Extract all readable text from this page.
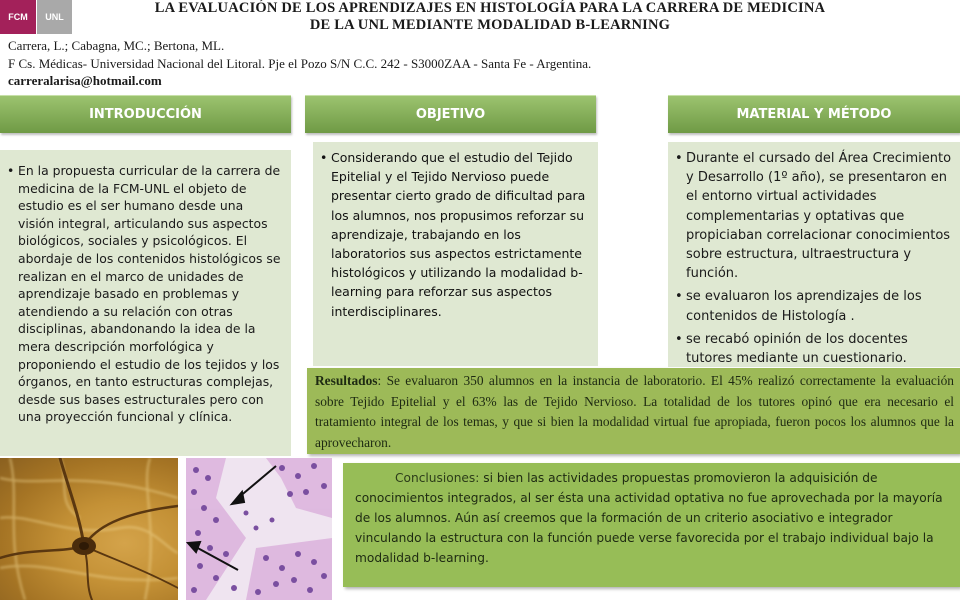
FCM UNL
LA EVALUACIÓN DE LOS APRENDIZAJES EN HISTOLOGÍA PARA LA CARRERA DE MEDICINA
DE LA UNL MEDIANTE MODALIDAD B-LEARNING
Carrera, L.; Cabagna, MC.; Bertona, ML.
F Cs. Médicas- Universidad Nacional del Litoral. Pje el Pozo S/N C.C. 242 - S3000ZAA - Santa Fe - Argentina.
carreralarisa@hotmail.com
INTRODUCCIÓN	OBJETIVO	MATERIAL Y MÉTODO
• En la propuesta curricular de la carrera de medicina de la FCM-UNL el objeto de estudio es el ser humano desde una visión integral, articulando sus aspectos biológicos, sociales y psicológicos. El abordaje de los contenidos histológicos se realizan en el marco de unidades de aprendizaje basado en problemas y atendiendo a su relación con otras disciplinas, abandonando la idea de la mera descripción morfológica y proponiendo el estudio de los tejidos y los órganos, en tanto estructuras complejas, desde sus bases estructurales pero con una proyección funcional y clínica.
• Considerando que el estudio del Tejido Epitelial y el Tejido Nervioso puede presentar cierto grado de dificultad para los alumnos, nos propusimos reforzar su aprendizaje, trabajando en los laboratorios sus aspectos estrictamente histológicos y utilizando la modalidad b-learning para reforzar sus aspectos interdisciplinares.
• Durante el cursado del Área Crecimiento y Desarrollo (1º año), se presentaron en el entorno virtual actividades complementarias y optativas que propiciaban correlacionar conocimientos sobre estructura, ultraestructura y función.
• se evaluaron los aprendizajes de los contenidos de Histología .
• se recabó opinión de los docentes tutores mediante un cuestionario.
Resultados: Se evaluaron 350 alumnos en la instancia de laboratorio. El 45% realizó correctamente la evaluación sobre Tejido Epitelial y el 63% las de Tejido Nervioso. La totalidad de los tutores opinó que era necesario el tratamiento integral de los temas, y que si bien la modalidad virtual fue apropiada, fueron pocos los alumnos que la aprovecharon.
Conclusiones: si bien las actividades propuestas promovieron la adquisición de conocimientos integrados, al ser ésta una actividad optativa no fue aprovechada por la mayoría de los alumnos. Aún así creemos que la formación de un criterio asociativo e integrador vinculando la estructura con la función puede verse favorecida por el trabajo individual bajo la modalidad b-learning.
